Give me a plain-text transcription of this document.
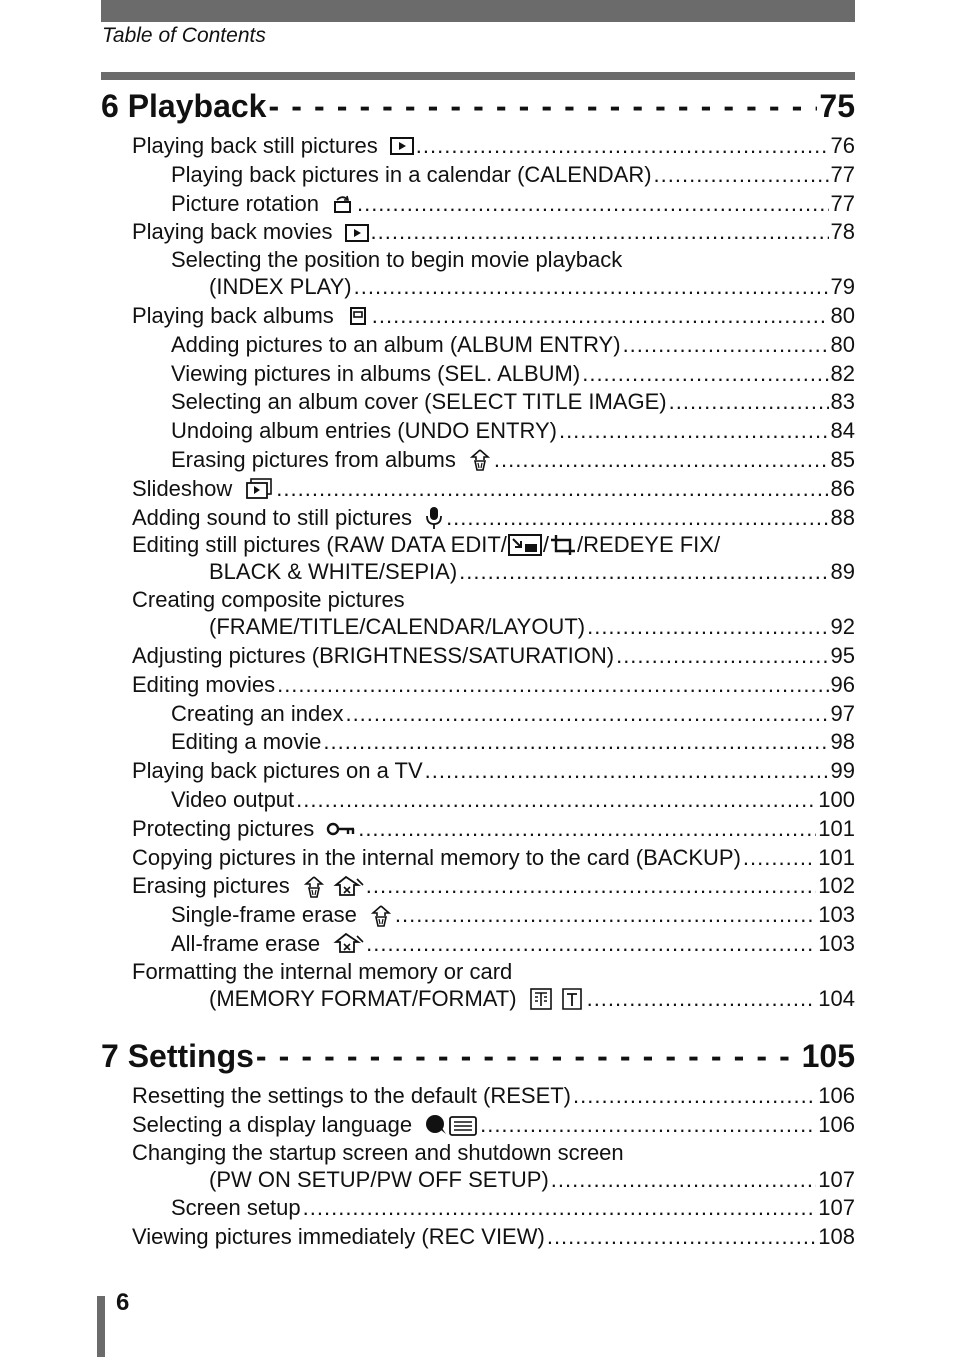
Table of Contents
6 Playback - - -	75
Playing back still pictures .....	76
Playing back pictures in a calendar (CALENDAR) .....	77
Picture rotation .....	77
Playing back movies .....	78
Selecting the position to begin movie playback
(INDEX PLAY) .....	79
Playing back albums .....	80
Adding pictures to an album (ALBUM ENTRY) .....	80
Viewing pictures in albums (SEL. ALBUM) .....	82
Selecting an album cover (SELECT TITLE IMAGE) .....	83
Undoing album entries (UNDO ENTRY) .....	84
Erasing pictures from albums .....	85
Slideshow .....	86
Adding sound to still pictures .....	88
Editing still pictures (RAW DATA EDIT/ / /REDEYE FIX/
BLACK & WHITE/SEPIA) .....	89
Creating composite pictures
(FRAME/TITLE/CALENDAR/LAYOUT) .....	92
Adjusting pictures (BRIGHTNESS/SATURATION) .....	95
Editing movies .....	96
Creating an index .....	97
Editing a movie .....	98
Playing back pictures on a TV .....	99
Video output .....	100
Protecting pictures .....	101
Copying pictures in the internal memory to the card (BACKUP) .....	101
Erasing pictures .....	102
Single-frame erase .....	103
All-frame erase .....	103
Formatting the internal memory or card
(MEMORY FORMAT/FORMAT) .....	104
7 Settings - - -	105
Resetting the settings to the default (RESET) .....	106
Selecting a display language .....	106
Changing the startup screen and shutdown screen
(PW ON SETUP/PW OFF SETUP) .....	107
Screen setup .....	107
Viewing pictures immediately (REC VIEW) .....	108
6
